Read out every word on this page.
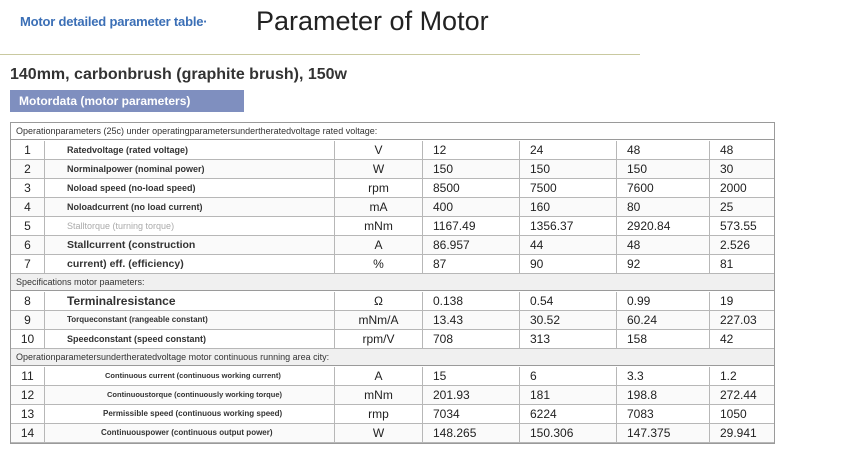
Motor detailed parameter table· Parameter of Motor
140mm, carbonbrush (graphite brush), 150w
Motordata (motor parameters)
Operationparameters (25c) under operatingparametersundertheratedvoltage rated voltage:
1	Ratedvoltage (rated voltage)	V	12	24	48	48
2	Norminalpower (nominal power)	W	150	150	150	30
3	Noload speed (no-load speed)	rpm	8500	7500	7600	2000
4	Noloadcurrent (no load current)	mA	400	160	80	25
5	Stalltorque (turning torque)	mNm	1167.49	1356.37	2920.84	573.55
6	Stallcurrent (construction	A	86.957	44	48	2.526
7	current) eff. (efficiency)	%	87	90	92	81
Specifications motor paameters:
8	Terminalresistance	Ω	0.138	0.54	0.99	19
9	Torqueconstant (rangeable constant)	mNm/A	13.43	30.52	60.24	227.03
10	Speedconstant (speed constant)	rpm/V	708	313	158	42
Operationparametersundertheratedvoltage motor continuous running area city:
11	Continuous current (continuous working current)	A	15	6	3.3	1.2
12	Continuoustorque (continuously working torque)	mNm	201.93	181	198.8	272.44
13	Permissible speed (continuous working speed)	rmp	7034	6224	7083	1050
14	Continuouspower (continuous output power)	W	148.265	150.306	147.375	29.941
